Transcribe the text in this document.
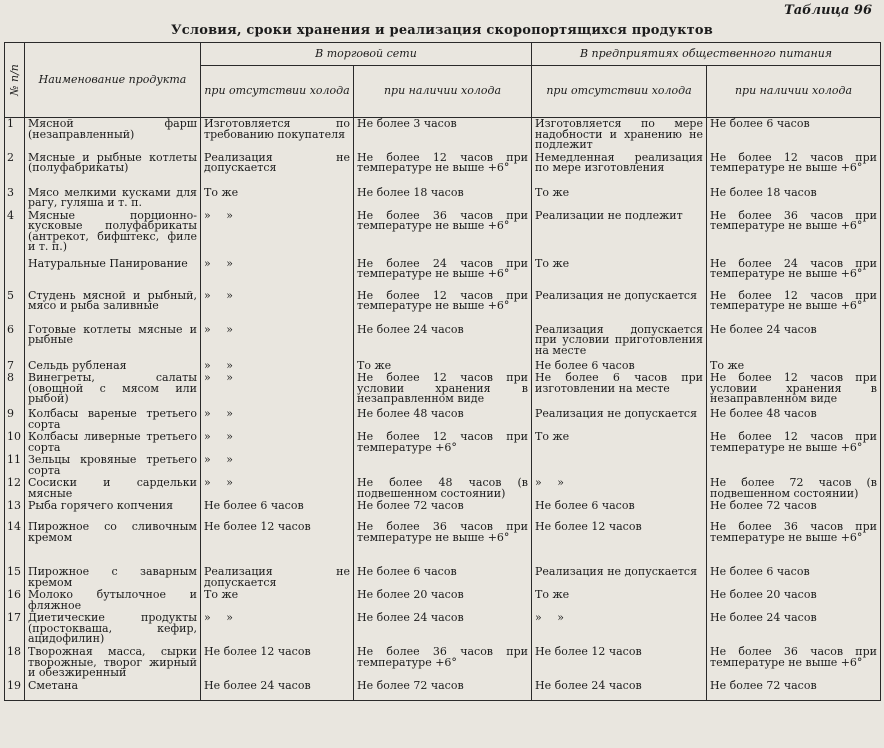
Таблица 96
Условия, сроки хранения и реализация скоропортящихся продуктов
№ п/п	Наименование продукта	В торговой сети		В предприятиях общественного питания	
		при отсутствии холода	при наличии холода	при отсутствии холода	при наличии холода
1	Мясной фарш (незаправленный)	Изготовляется по требованию покупателя	Не более 3 часов	Изготовляется по мере надобности и хранению не подлежит	Не более 6 часов
2	Мясные и рыбные котлеты (полуфабрикаты)	Реализация не допускается	Не более 12 часов при температуре не выше +6°	Немедленная реализация по мере изготовления	Не более 12 часов при температуре не выше +6°
3	Мясо мелкими кусками для рагу, гуляша и т. п.	То же	Не более 18 часов	То же	Не более 18 часов
4	Мясные порционно-кусковые полуфабрикаты (антрекот, бифштекс, филе и т. п.)	» »	Не более 36 часов при температуре не выше +6°	Реализации не подлежит	Не более 36 часов при температуре не выше +6°
	Натуральные Панирование	» »	Не более 24 часов при температуре не выше +6°	То же	Не более 24 часов при температуре не выше +6°
5	Студень мясной и рыбный, мясо и рыба заливные	» »	Не более 12 часов при температуре не выше +6°	Реализация не допускается	Не более 12 часов при температуре не выше +6°
6	Готовые котлеты мясные и рыбные	» »	Не более 24 часов	Реализация допускается при условии приготовления на месте	Не более 24 часов
7	Сельдь рубленая	» »	То же	Не более 6 часов	То же
8	Винегреты, салаты (овощной с мясом или рыбой)	» »	Не более 12 часов при условии хранения в незаправленном виде	Не более 6 часов при изготовлении на месте	Не более 12 часов при условии хранения в незаправленном виде
9	Колбасы вареные третьего сорта	» »	Не более 48 часов	Реализация не допускается	Не более 48 часов
10	Колбасы ливерные третьего сорта	» »	Не более 12 часов при температуре +6°	То же	Не более 12 часов при температуре не выше +6°
11	Зельцы кровяные третьего сорта	» »			
12	Сосиски и сардельки мясные	» »	Не более 48 часов (в подвешенном состоянии)	» »	Не более 72 часов (в подвешенном состоянии)
13	Рыба горячего копчения	Не более 6 часов	Не более 72 часов	Не более 6 часов	Не более 72 часов
14	Пирожное со сливочным кремом	Не более 12 часов	Не более 36 часов при температуре не выше +6°	Не более 12 часов	Не более 36 часов при температуре не выше +6°
15	Пирожное с заварным кремом	Реализация не допускается	Не более 6 часов	Реализация не допускается	Не более 6 часов
16	Молоко бутылочное и фляжное	То же	Не более 20 часов	То же	Не более 20 часов
17	Диетические продукты (простокваша, кефир, ацидофилин)	» »	Не более 24 часов	» »	Не более 24 часов
18	Творожная масса, сырки творожные, творог жирный и обезжиренный	Не более 12 часов	Не более 36 часов при температуре +6°	Не более 12 часов	Не более 36 часов при температуре не выше +6°
19	Сметана	Не более 24 часов	Не более 72 часов	Не более 24 часов	Не более 72 часов
